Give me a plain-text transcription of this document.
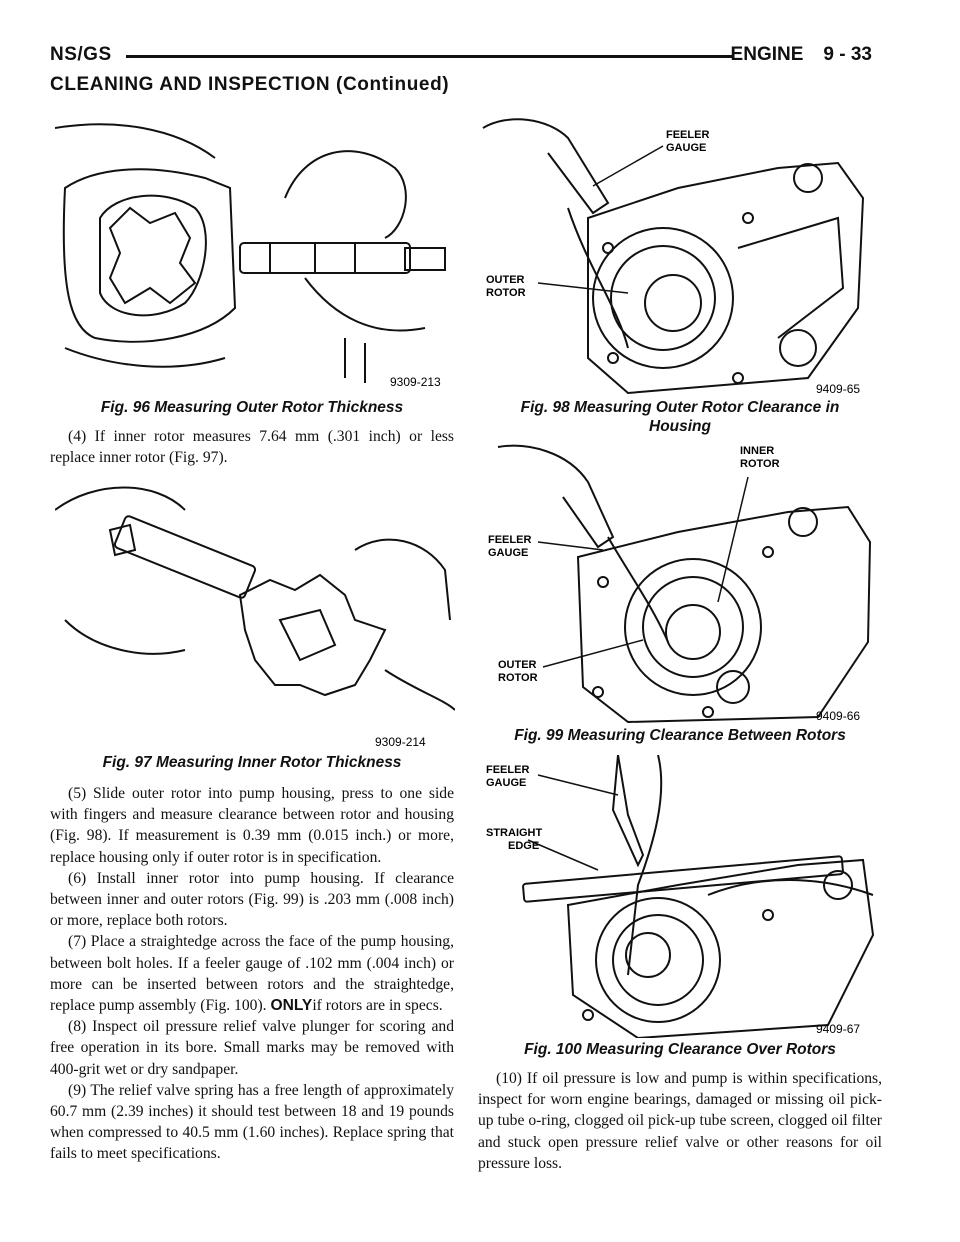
NS/GS	ENGINE 9 - 33
CLEANING AND INSPECTION (Continued)
9309-213
Fig. 96 Measuring Outer Rotor Thickness

(4) If inner rotor measures 7.64 mm (.301 inch) or less replace inner rotor (Fig. 97).

9309-214
Fig. 97 Measuring Inner Rotor Thickness

(5) Slide outer rotor into pump housing, press to one side with fingers and measure clearance between rotor and housing (Fig. 98). If measurement is 0.39 mm (0.015 inch.) or more, replace housing only if outer rotor is in specification.

(6) Install inner rotor into pump housing. If clearance between inner and outer rotors (Fig. 99) is .203 mm (.008 inch) or more, replace both rotors.

(7) Place a straightedge across the face of the pump housing, between bolt holes. If a feeler gauge of .102 mm (.004 inch) or more can be inserted between rotors and the straightedge, replace pump assembly (Fig. 100). ONLYif rotors are in specs.

(8) Inspect oil pressure relief valve plunger for scoring and free operation in its bore. Small marks may be removed with 400-grit wet or dry sandpaper.

(9) The relief valve spring has a free length of approximately 60.7 mm (2.39 inches) it should test between 18 and 19 pounds when compressed to 40.5 mm (1.60 inches). Replace spring that fails to meet specifications.

FEELER
GAUGE
OUTER
ROTOR
9409-65
Fig. 98 Measuring Outer Rotor Clearance in
Housing
INNER
ROTOR
FEELER
GAUGE
OUTER
ROTOR
9409-66
Fig. 99 Measuring Clearance Between Rotors
FEELER
GAUGE
STRAIGHT
EDGE
9409-67
Fig. 100 Measuring Clearance Over Rotors

(10) If oil pressure is low and pump is within specifications, inspect for worn engine bearings, damaged or missing oil pick-up tube o-ring, clogged oil pick-up tube screen, clogged oil filter and stuck open pressure relief valve or other reasons for oil pressure loss.
